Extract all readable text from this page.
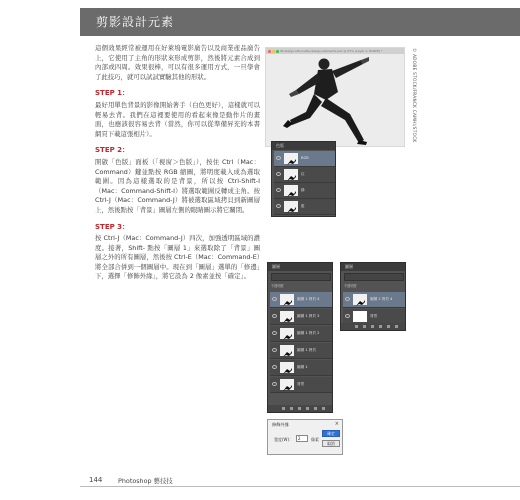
剪影設計元素

這個效果經常被運用在好萊塢電影廣告以及商業產品廣告上，它使用了主角的形狀來形成剪影，然後將元素合成到內部或四周。效果很棒，可以有很多運用方式，一旦學會了此技巧，就可以試試實驗其他的形狀。

STEP 1：

最好用單色背景的影像開始著手（白色更好），這樣就可以輕易去背。我們在這裡要使用的看起來像是動作片的畫面，也應該很容易去背（當然，你可以從準備昇充的本書網頁下載這張相片）。

STEP 2：

開啟「色版」面板（「視窗＞色版」），按住 Ctrl（Mac：Command）鍵並點按 RGB 縮圖，將明度載入成為選取範圍。因為這樣選取的是背景，所以按 Ctrl-Shift-I（Mac：Command-Shift-I）將選取範圍反轉成主角。按 Ctrl-J（Mac：Command-J）將被選取區域拷貝到新圖層上，然後點按「背景」圖層左側的眼睛圖示將它關閉。

STEP 3：

按 Ctrl-J（Mac：Command-J）四次，加強透明區域的濃度。接著，Shift- 點按「圖層 1」來選取除了「背景」圖層之外的所有圖層，然後按 Ctrl-E（Mac：Command-E）將全部合併到一個圖層中。現在到「圖層」選單的「修邊」下，選擇「修飾外緣」，將它設為 2 像素並按「確定」。

ift-design-silhouette-design-elements.psd @ 67% (Layer 1, RGB/8) *	© ADOBE STOCK/FRANCK CAMHI/STOCK
色版
RGB
紅
綠
藍
圖層
不透明度
圖層 1 拷貝 4
圖層 1 拷貝 3
圖層 1 拷貝 2
圖層 1 拷貝
圖層 1
背景
圖層
不透明度
圖層 1 拷貝 4
背景
修飾外緣	×
寬度(W)：	2	像素
確定
取消
144 Photoshop 藝技技
